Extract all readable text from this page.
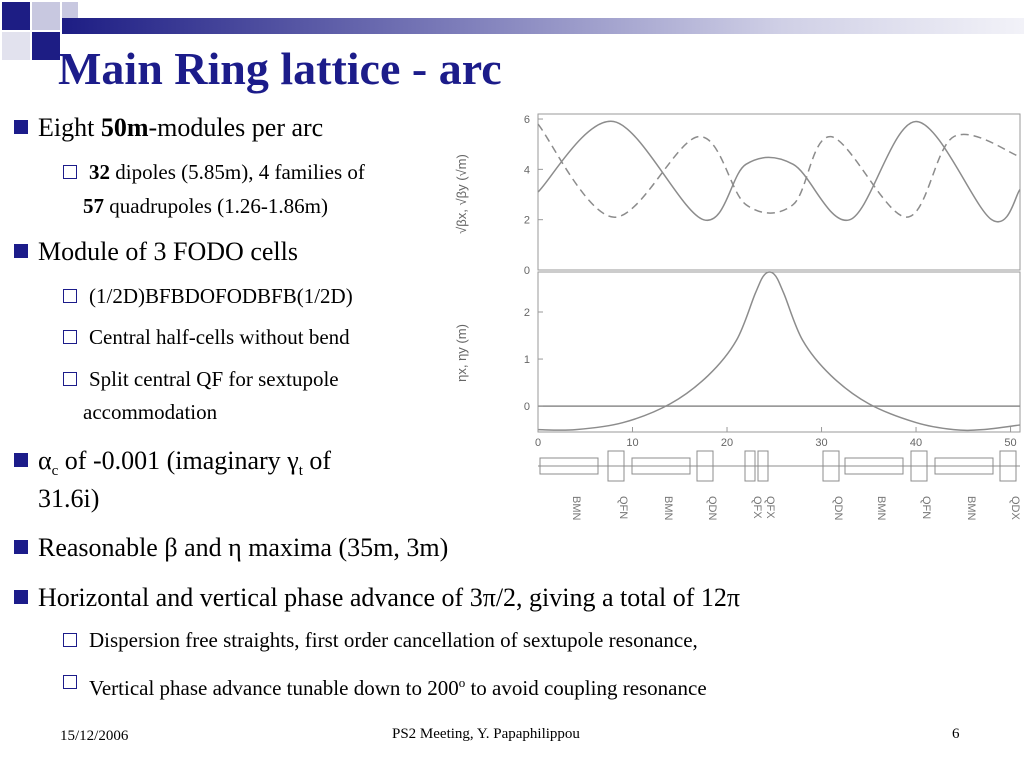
Main Ring lattice - arc
Eight 50m-modules per arc
32 dipoles (5.85m), 4 families of
57 quadrupoles (1.26-1.86m)
Module of 3 FODO cells
(1/2D)BFBDOFODBFB(1/2D)
Central half-cells without bend
Split central QF for sextupole
accommodation
$\alpha_c$ of -0.001 (imaginary $\gamma_t$ of
31.6i)
Reasonable β and η maxima (35m, 3m)
Horizontal and vertical phase advance of 3π/2, giving a total of 12π
Dispersion free straights, first order cancellation of sextupole resonance,
Vertical phase advance tunable down to 200$^o$ to avoid coupling resonance
0
2
4
6
0
1
2
0	10	20	30	40	50
√βx, √βy (√m)
ηx, ηy (m)
BMN	QFN	BMN	QDN	QFX QFX	QDN	BMN	QFN	BMN	QDX
15/12/2006	PS2 Meeting, Y. Papaphilippou	6
